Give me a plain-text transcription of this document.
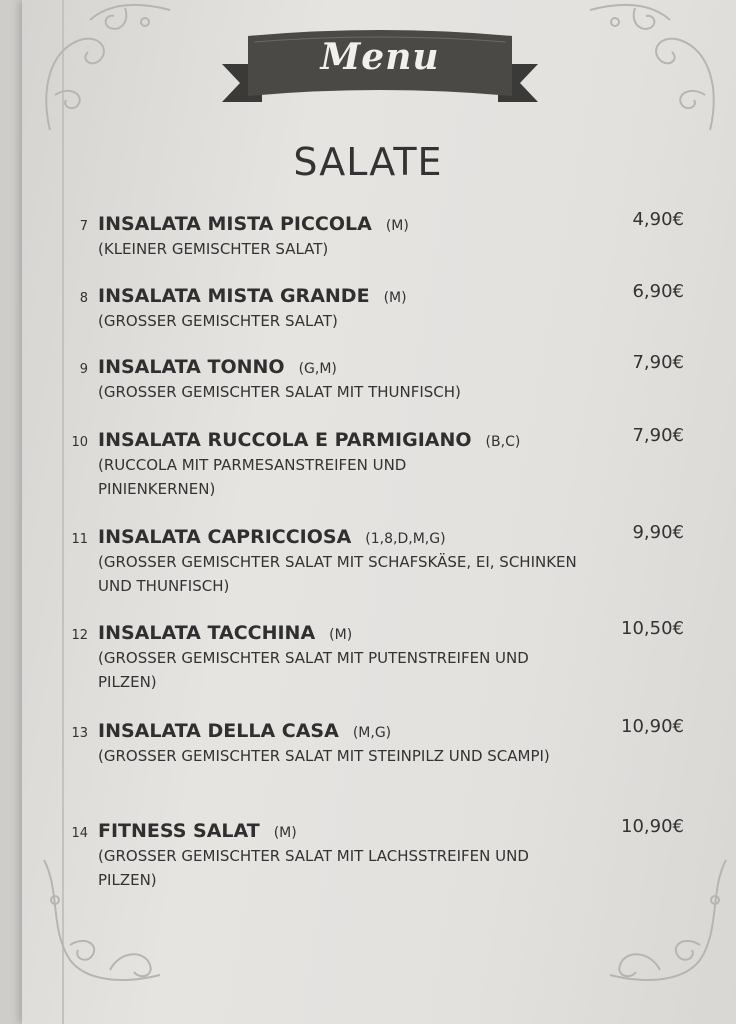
Menu
SALATE
7 INSALATA MISTA PICCOLA (M)
(KLEINER GEMISCHTER SALAT)
4,90€
8 INSALATA MISTA GRANDE (M)
(GROSSER GEMISCHTER SALAT)
6,90€
9 INSALATA TONNO (G,M)
(GROSSER GEMISCHTER SALAT MIT THUNFISCH)
7,90€
10 INSALATA RUCCOLA E PARMIGIANO (B,C)
(RUCCOLA MIT PARMESANSTREIFEN UND PINIENKERNEN)
7,90€
11 INSALATA CAPRICCIOSA (1,8,D,M,G)
(GROSSER GEMISCHTER SALAT MIT SCHAFSKÄSE, EI, SCHINKEN UND THUNFISCH)
9,90€
12 INSALATA TACCHINA (M)
(GROSSER GEMISCHTER SALAT MIT PUTENSTREIFEN UND PILZEN)
10,50€
13 INSALATA DELLA CASA (M,G)
(GROSSER GEMISCHTER SALAT MIT STEINPILZ UND SCAMPI)
10,90€
14 FITNESS SALAT (M)
(GROSSER GEMISCHTER SALAT MIT LACHSSTREIFEN UND PILZEN)
10,90€
